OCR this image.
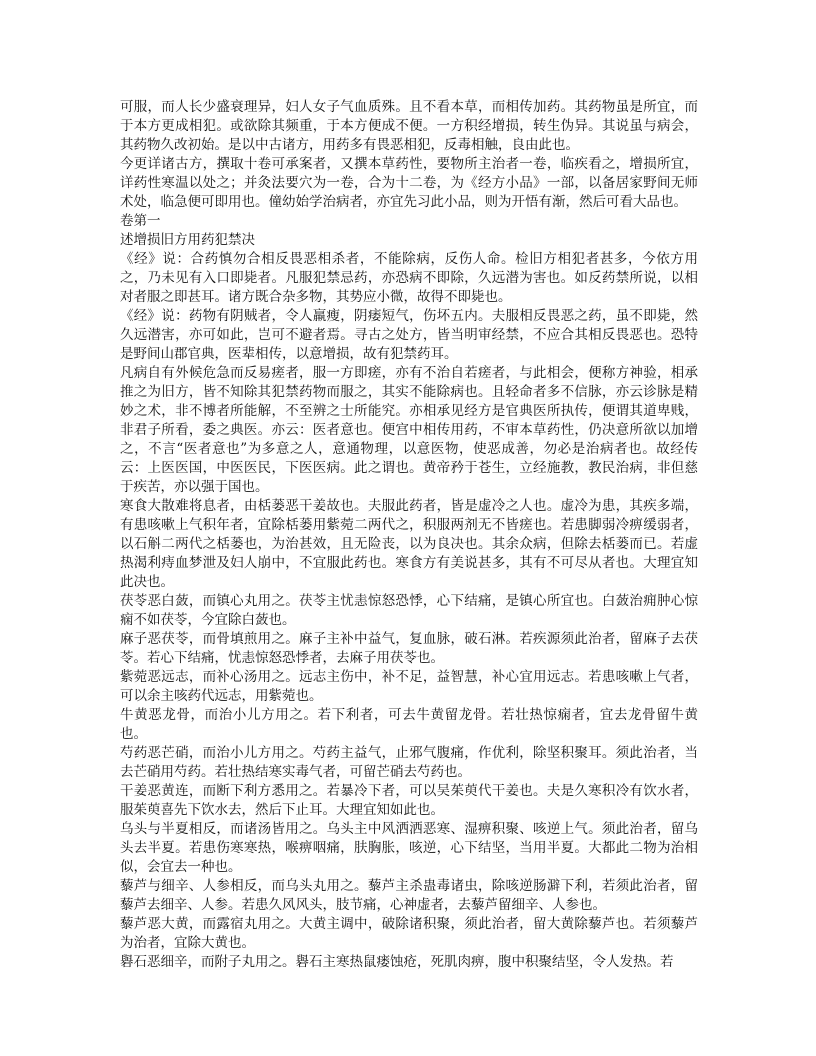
可服，而人长少盛衰理异，妇人女子气血质殊。且不看本草，而相传加药。其药物虽是所宜，而于本方更成相犯。或欲除其频重，于本方便成不便。一方积经增损，转生伪异。其说虽与病会，其药物久改初始。是以中古诸方，用药多有畏恶相犯，反毒相触，良由此也。

今更详诸古方，撰取十卷可承案者，又撰本草药性，要物所主治者一卷，临疾看之，增损所宜，详药性寒温以处之；并灸法要穴为一卷，合为十二卷，为《经方小品》一部，以备居家野间无师术处，临急便可即用也。僮幼始学治病者，亦宜先习此小品，则为开悟有渐，然后可看大品也。

卷第一

述增损旧方用药犯禁决

《经》说：合药慎勿合相反畏恶相杀者，不能除病，反伤人命。检旧方相犯者甚多，今依方用之，乃未见有入口即毙者。凡服犯禁忌药，亦恐病不即除，久远潜为害也。如反药禁所说，以相对者服之即甚耳。诸方既合杂多物，其势应小微，故得不即毙也。

《经》说：药物有阴贼者，令人羸瘦，阴痿短气，伤坏五内。夫服相反畏恶之药，虽不即毙，然久远潜害，亦可如此，岂可不避者焉。寻古之处方，皆当明审经禁，不应合其相反畏恶也。恐特是野间山郡官典，医辈相传，以意增损，故有犯禁药耳。

凡病自有外候危急而反易瘥者，服一方即瘥，亦有不治自若瘥者，与此相会，便称方神验，相承推之为旧方，皆不知除其犯禁药物而服之，其实不能除病也。且轻命者多不信脉，亦云诊脉是精妙之术，非不博者所能解，不至辨之士所能究。亦相承见经方是官典医所执传，便谓其道卑贱，非君子所看，委之典医。亦云：医者意也。便宫中相传用药，不审本草药性，仍决意所欲以加增之，不言“医者意也”为多意之人，意通物理，以意医物，使恶成善，勿必是治病者也。故经传云：上医医国，中医医民，下医医病。此之谓也。黄帝矜于苍生，立经施教，教民治病，非但慈于疾苦，亦以强于国也。

寒食大散难将息者，由栝蒌恶干姜故也。夫服此药者，皆是虚冷之人也。虚冷为患，其疾多端，有患咳嗽上气积年者，宜除栝蒌用紫菀二两代之，积服两剂无不皆瘥也。若患脚弱冷痹缓弱者，以石斛二两代之栝蒌也，为治甚效，且无险丧，以为良决也。其余众病，但除去栝蒌而已。若虚热渴利痔血梦泄及妇人崩中，不宜服此药也。寒食方有美说甚多，其有不可尽从者也。大理宜知此决也。

茯苓恶白蔹，而镇心丸用之。茯苓主忧恚惊怒恐悸，心下结痛，是镇心所宜也。白蔹治痈肿心惊痫不如茯苓，今宜除白蔹也。

麻子恶茯苓，而骨填煎用之。麻子主补中益气，复血脉，破石淋。若疾源须此治者，留麻子去茯苓。若心下结痛，忧恚惊怒恐悸者，去麻子用茯苓也。

紫菀恶远志，而补心汤用之。远志主伤中，补不足，益智慧，补心宜用远志。若患咳嗽上气者，可以余主咳药代远志，用紫菀也。

牛黄恶龙骨，而治小儿方用之。若下利者，可去牛黄留龙骨。若壮热惊痫者，宜去龙骨留牛黄也。

芍药恶芒硝，而治小儿方用之。芍药主益气，止邪气腹痛，作优利，除坚积聚耳。须此治者，当去芒硝用芍药。若壮热结寒实毒气者，可留芒硝去芍药也。

干姜恶黄连，而断下利方悉用之。若暴冷下者，可以吴茱萸代干姜也。夫是久寒积冷有饮水者，服茱萸喜先下饮水去，然后下止耳。大理宜知如此也。

乌头与半夏相反，而诸汤皆用之。乌头主中风洒洒恶寒、湿痹积聚、咳逆上气。须此治者，留乌头去半夏。若患伤寒寒热，喉痹咽痛，肤胸胀，咳逆，心下结坚，当用半夏。大都此二物为治相似，会宜去一种也。

藜芦与细辛、人参相反，而乌头丸用之。藜芦主杀蛊毒诸虫，除咳逆肠澼下利，若须此治者，留藜芦去细辛、人参。若患久风风头，肢节痛，心神虚者，去藜芦留细辛、人参也。

藜芦恶大黄，而露宿丸用之。大黄主调中，破除诸积聚，须此治者，留大黄除藜芦也。若须藜芦为治者，宜除大黄也。

礜石恶细辛，而附子丸用之。礜石主寒热鼠瘘蚀疮，死肌肉痹，腹中积聚结坚，令人发热。若
